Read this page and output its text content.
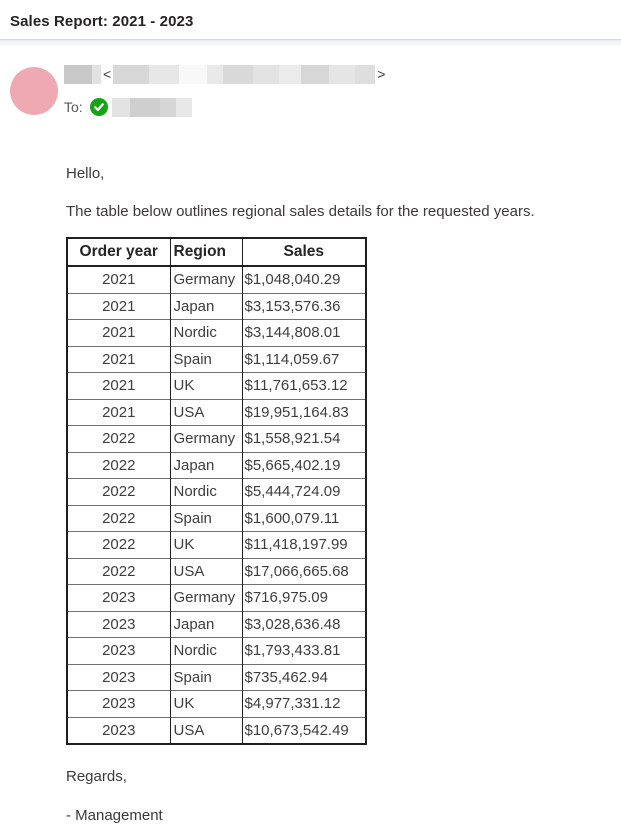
Sales Report: 2021 - 2023
<	>
To:

Hello,

The table below outlines regional sales details for the requested years.

Order year	Region	Sales
2021	Germany	$1,048,040.29
2021	Japan	$3,153,576.36
2021	Nordic	$3,144,808.01
2021	Spain	$1,114,059.67
2021	UK	$11,761,653.12
2021	USA	$19,951,164.83
2022	Germany	$1,558,921.54
2022	Japan	$5,665,402.19
2022	Nordic	$5,444,724.09
2022	Spain	$1,600,079.11
2022	UK	$11,418,197.99
2022	USA	$17,066,665.68
2023	Germany	$716,975.09
2023	Japan	$3,028,636.48
2023	Nordic	$1,793,433.81
2023	Spain	$735,462.94
2023	UK	$4,977,331.12
2023	USA	$10,673,542.49

Regards,

- Management
